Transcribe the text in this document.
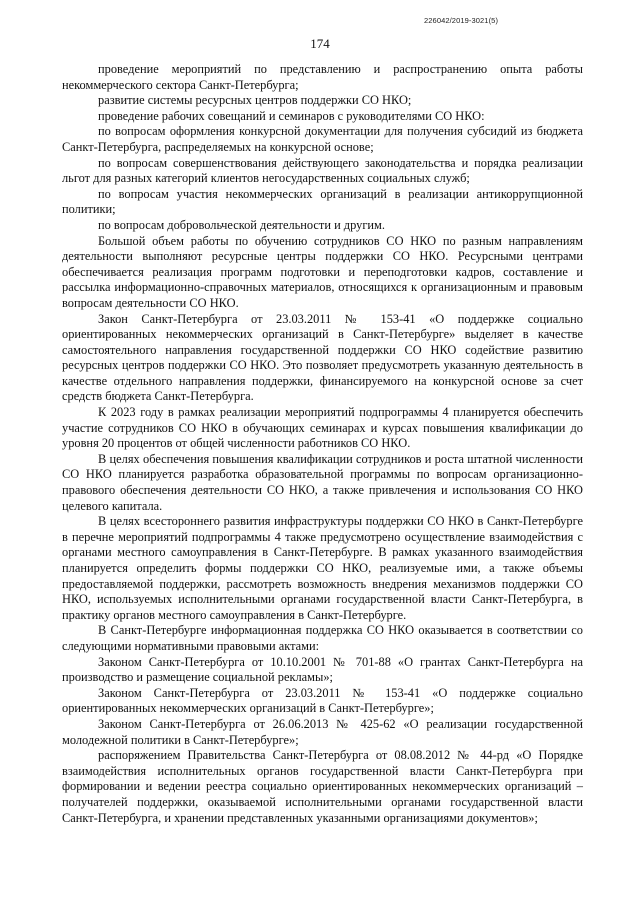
226042/2019-3021(5)
174

проведение мероприятий по представлению и распространению опыта работы некоммерческого сектора Санкт-Петербурга;

развитие системы ресурсных центров поддержки СО НКО;

проведение рабочих совещаний и семинаров с руководителями СО НКО:

по вопросам оформления конкурсной документации для получения субсидий из бюджета Санкт-Петербурга, распределяемых на конкурсной основе;

по вопросам совершенствования действующего законодательства и порядка реализации льгот для разных категорий клиентов негосударственных социальных служб;

по вопросам участия некоммерческих организаций в реализации антикоррупционной политики;

по вопросам добровольческой деятельности и другим.

Большой объем работы по обучению сотрудников СО НКО по разным направлениям деятельности выполняют ресурсные центры поддержки СО НКО. Ресурсными центрами обеспечивается реализация программ подготовки и переподготовки кадров, составление и рассылка информационно-справочных материалов, относящихся к организационным и правовым вопросам деятельности СО НКО.

Закон Санкт-Петербурга от 23.03.2011 № 153-41 «О поддержке социально ориентированных некоммерческих организаций в Санкт-Петербурге» выделяет в качестве самостоятельного направления государственной поддержки СО НКО содействие развитию ресурсных центров поддержки СО НКО. Это позволяет предусмотреть указанную деятельность в качестве отдельного направления поддержки, финансируемого на конкурсной основе за счет средств бюджета Санкт-Петербурга.

К 2023 году в рамках реализации мероприятий подпрограммы 4 планируется обеспечить участие сотрудников СО НКО в обучающих семинарах и курсах повышения квалификации до уровня 20 процентов от общей численности работников СО НКО.

В целях обеспечения повышения квалификации сотрудников и роста штатной численности СО НКО планируется разработка образовательной программы по вопросам организационно-правового обеспечения деятельности СО НКО, а также привлечения и использования СО НКО целевого капитала.

В целях всестороннего развития инфраструктуры поддержки СО НКО в Санкт-Петербурге в перечне мероприятий подпрограммы 4 также предусмотрено осуществление взаимодействия с органами местного самоуправления в Санкт-Петербурге. В рамках указанного взаимодействия планируется определить формы поддержки СО НКО, реализуемые ими, а также объемы предоставляемой поддержки, рассмотреть возможность внедрения механизмов поддержки СО НКО, используемых исполнительными органами государственной власти Санкт-Петербурга, в практику органов местного самоуправления в Санкт-Петербурге.

В Санкт-Петербурге информационная поддержка СО НКО оказывается в соответствии со следующими нормативными правовыми актами:

Законом Санкт-Петербурга от 10.10.2001 № 701-88 «О грантах Санкт-Петербурга на производство и размещение социальной рекламы»;

Законом Санкт-Петербурга от 23.03.2011 № 153-41 «О поддержке социально ориентированных некоммерческих организаций в Санкт-Петербурге»;

Законом Санкт-Петербурга от 26.06.2013 № 425-62 «О реализации государственной молодежной политики в Санкт-Петербурге»;

распоряжением Правительства Санкт-Петербурга от 08.08.2012 № 44-рд «О Порядке взаимодействия исполнительных органов государственной власти Санкт-Петербурга при формировании и ведении реестра социально ориентированных некоммерческих организаций – получателей поддержки, оказываемой исполнительными органами государственной власти Санкт-Петербурга, и хранении представленных указанными организациями документов»;
